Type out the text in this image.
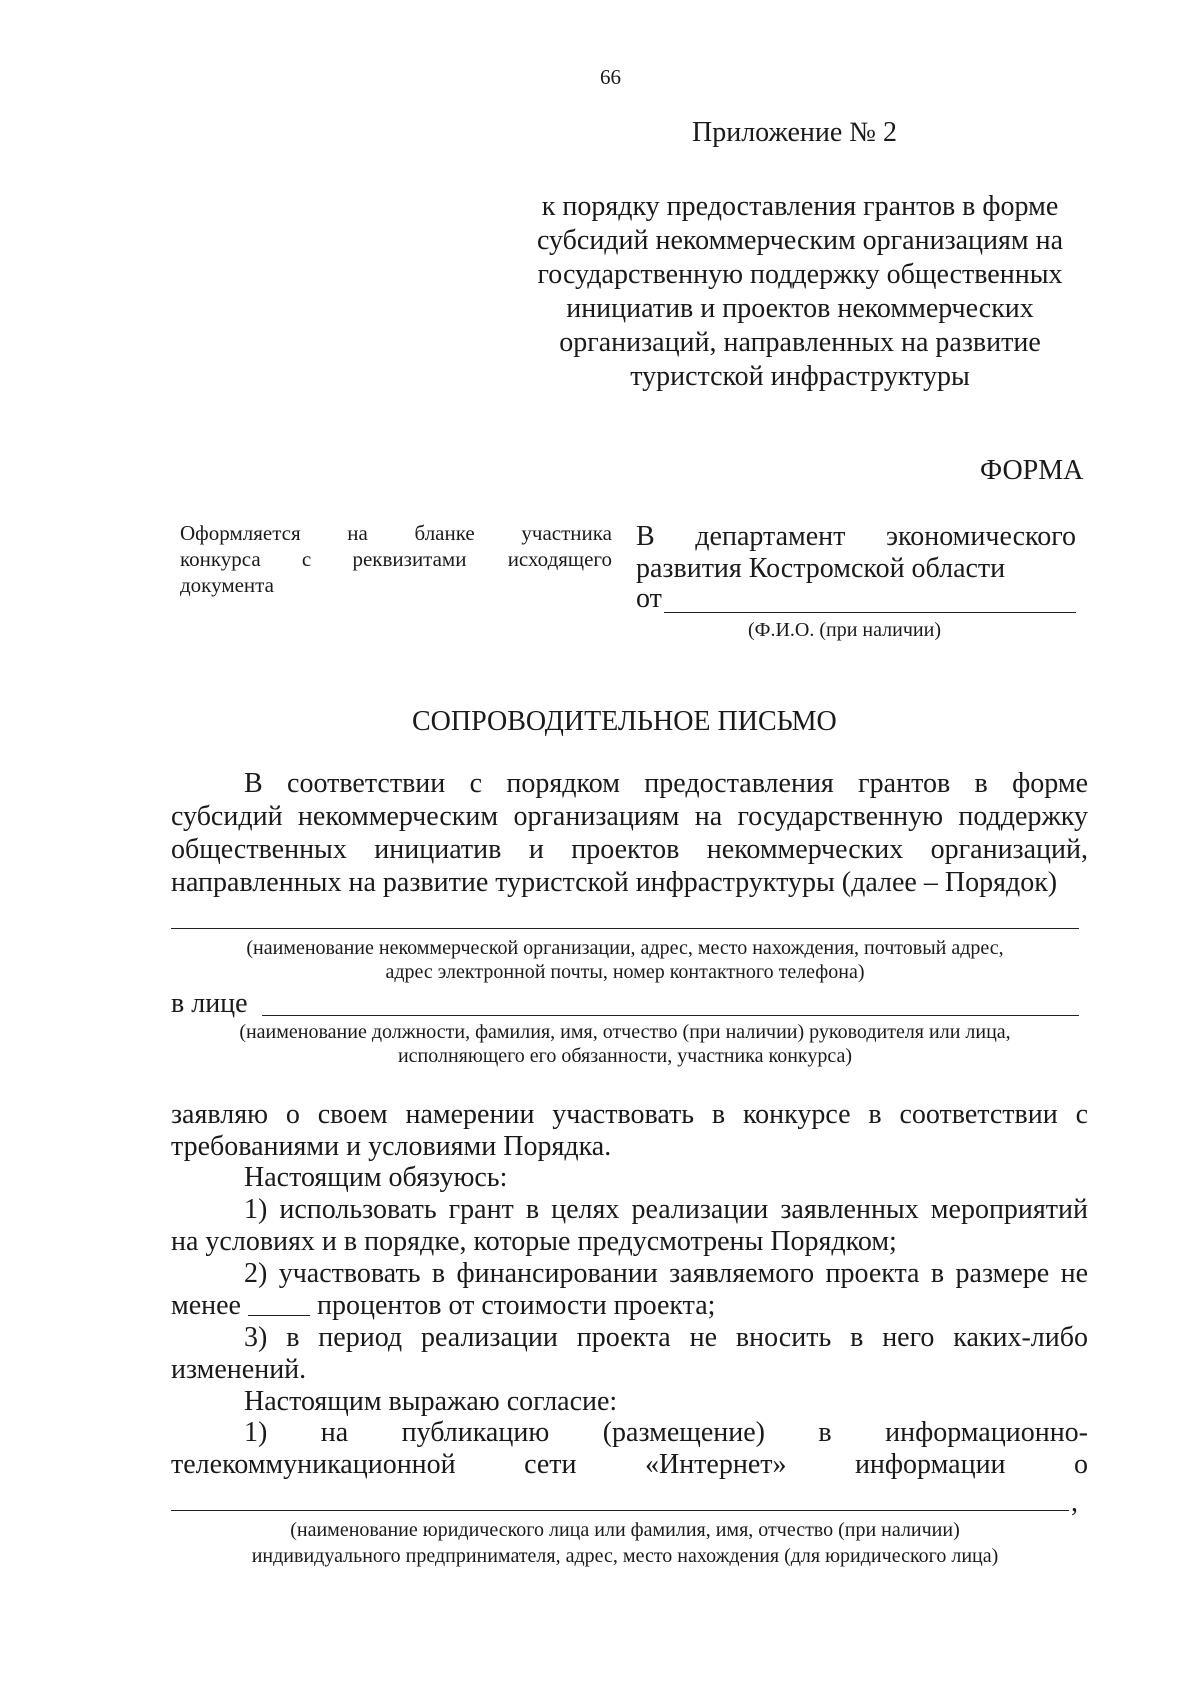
66
Приложение № 2
к порядку предоставления грантов в форме
субсидий некоммерческим организациям на
государственную поддержку общественных
инициатив и проектов некоммерческих
организаций, направленных на развитие
туристской инфраструктуры
ФОРМА
Оформляется на бланке участника
конкурса с реквизитами исходящего
документа
В департамент экономического
развития Костромской области
от
(Ф.И.О. (при наличии)
СОПРОВОДИТЕЛЬНОЕ ПИСЬМО
В соответствии с порядком предоставления грантов в форме
субсидий некоммерческим организациям на государственную поддержку
общественных инициатив и проектов некоммерческих организаций,
направленных на развитие туристской инфраструктуры (далее – Порядок)
(наименование некоммерческой организации, адрес, место нахождения, почтовый адрес,
адрес электронной почты, номер контактного телефона)
в лице
(наименование должности, фамилия, имя, отчество (при наличии) руководителя или лица,
исполняющего его обязанности, участника конкурса)
заявляю о своем намерении участвовать в конкурсе в соответствии с
требованиями и условиями Порядка.
Настоящим обязуюсь:
1) использовать грант в целях реализации заявленных мероприятий
на условиях и в порядке, которые предусмотрены Порядком;
2) участвовать в финансировании заявляемого проекта в размере не
менее	процентов от стоимости проекта;
3) в период реализации проекта не вносить в него каких-либо
изменений.
Настоящим выражаю согласие:
1) на публикацию (размещение) в информационно-
телекоммуникационной сети «Интернет» информации о
,
(наименование юридического лица или фамилия, имя, отчество (при наличии)
индивидуального предпринимателя, адрес, место нахождения (для юридического лица)
